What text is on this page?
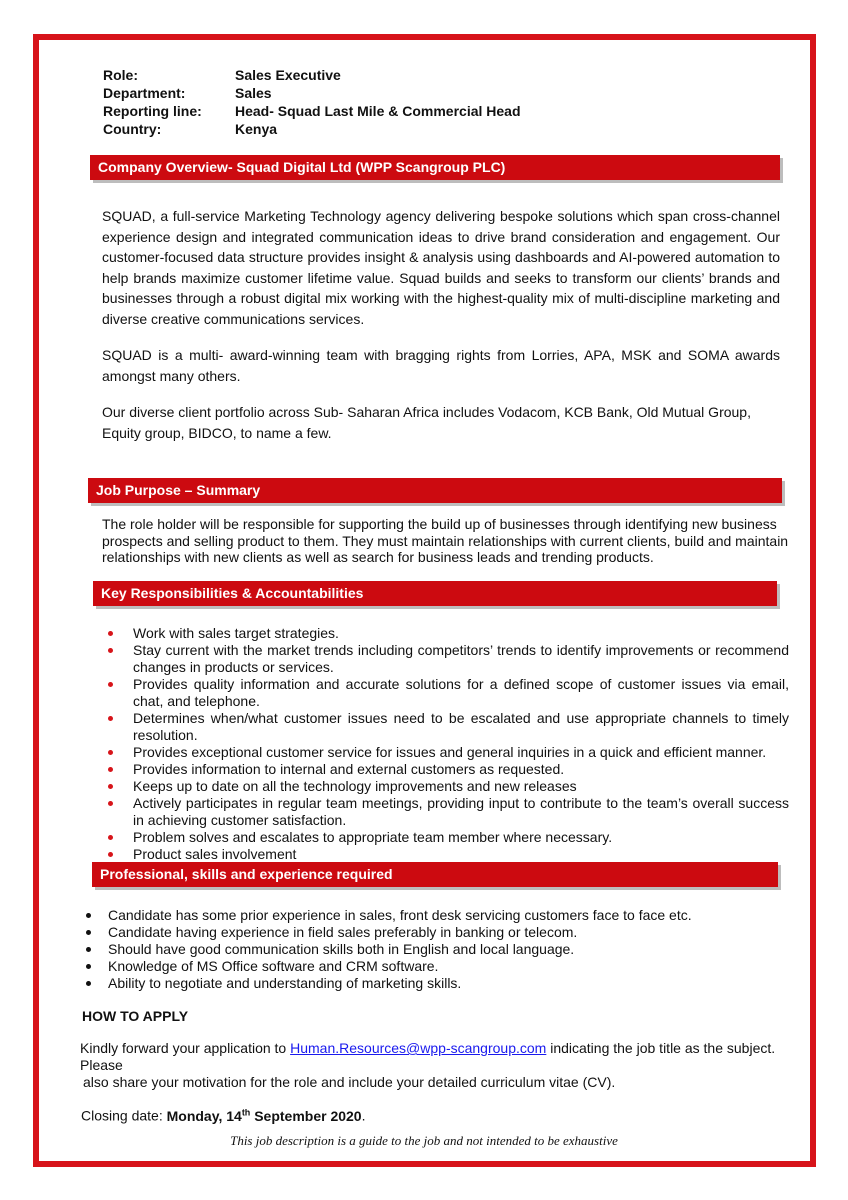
Role:	Sales Executive
Department:	Sales
Reporting line:	Head- Squad Last Mile & Commercial Head
Country:	Kenya
Company Overview- Squad Digital Ltd (WPP Scangroup PLC)

SQUAD, a full-service Marketing Technology agency delivering bespoke solutions which span cross-channel experience design and integrated communication ideas to drive brand consideration and engagement. Our customer-focused data structure provides insight & analysis using dashboards and AI-powered automation to help brands maximize customer lifetime value. Squad builds and seeks to transform our clients’ brands and businesses through a robust digital mix working with the highest-quality mix of multi-discipline marketing and diverse creative communications services.

SQUAD is a multi- award-winning team with bragging rights from Lorries, APA, MSK and SOMA awards amongst many others.

Our diverse client portfolio across Sub- Saharan Africa includes Vodacom, KCB Bank, Old Mutual Group, Equity group, BIDCO, to name a few.

Job Purpose – Summary

The role holder will be responsible for supporting the build up of businesses through identifying new business prospects and selling product to them. They must maintain relationships with current clients, build and maintain relationships with new clients as well as search for business leads and trending products.

Key Responsibilities & Accountabilities
Work with sales target strategies.
Stay current with the market trends including competitors’ trends to identify improvements or recommend changes in products or services.
Provides quality information and accurate solutions for a defined scope of customer issues via email, chat, and telephone.
Determines when/what customer issues need to be escalated and use appropriate channels to timely resolution.
Provides exceptional customer service for issues and general inquiries in a quick and efficient manner.
Provides information to internal and external customers as requested.
Keeps up to date on all the technology improvements and new releases
Actively participates in regular team meetings, providing input to contribute to the team’s overall success in achieving customer satisfaction.
Problem solves and escalates to appropriate team member where necessary.
Product sales involvement
Professional, skills and experience required
Candidate has some prior experience in sales, front desk servicing customers face to face etc.
Candidate having experience in field sales preferably in banking or telecom.
Should have good communication skills both in English and local language.
Knowledge of MS Office software and CRM software.
Ability to negotiate and understanding of marketing skills.
HOW TO APPLY
Kindly forward your application to Human.Resources@wpp-scangroup.com indicating the job title as the subject. Please
also share your motivation for the role and include your detailed curriculum vitae (CV).
Closing date: Monday, 14th September 2020.
This job description is a guide to the job and not intended to be exhaustive
